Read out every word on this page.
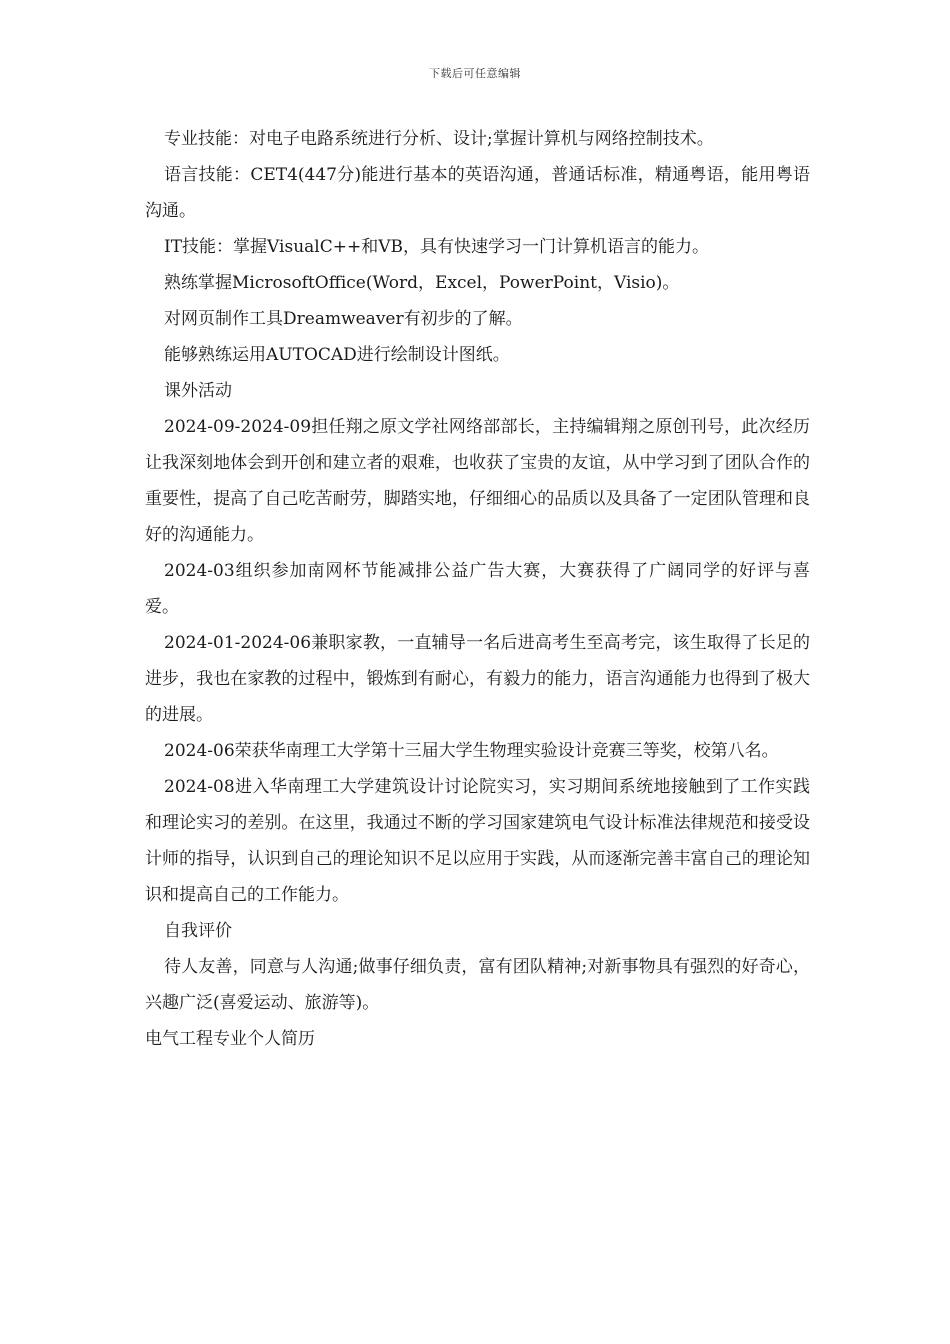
下载后可任意编辑

专业技能：对电子电路系统进行分析、设计;掌握计算机与网络控制技术。

语言技能：CET4(447分)能进行基本的英语沟通，普通话标准，精通粤语，能用粤语沟通。

IT技能：掌握VisualC++和VB，具有快速学习一门计算机语言的能力。

熟练掌握MicrosoftOffice(Word，Excel，PowerPoint，Visio)。

对网页制作工具Dreamweaver有初步的了解。

能够熟练运用AUTOCAD进行绘制设计图纸。

课外活动

2024-09-2024-09担任翔之原文学社网络部部长，主持编辑翔之原创刊号，此次经历让我深刻地体会到开创和建立者的艰难，也收获了宝贵的友谊，从中学习到了团队合作的重要性，提高了自己吃苦耐劳，脚踏实地，仔细细心的品质以及具备了一定团队管理和良好的沟通能力。

2024-03组织参加南网杯节能减排公益广告大赛，大赛获得了广阔同学的好评与喜爱。

2024-01-2024-06兼职家教，一直辅导一名后进高考生至高考完，该生取得了长足的进步，我也在家教的过程中，锻炼到有耐心，有毅力的能力，语言沟通能力也得到了极大的进展。

2024-06荣获华南理工大学第十三届大学生物理实验设计竞赛三等奖，校第八名。

2024-08进入华南理工大学建筑设计讨论院实习，实习期间系统地接触到了工作实践和理论实习的差别。在这里，我通过不断的学习国家建筑电气设计标准法律规范和接受设计师的指导，认识到自己的理论知识不足以应用于实践，从而逐渐完善丰富自己的理论知识和提高自己的工作能力。

自我评价

待人友善，同意与人沟通;做事仔细负责，富有团队精神;对新事物具有强烈的好奇心，兴趣广泛(喜爱运动、旅游等)。

电气工程专业个人简历
